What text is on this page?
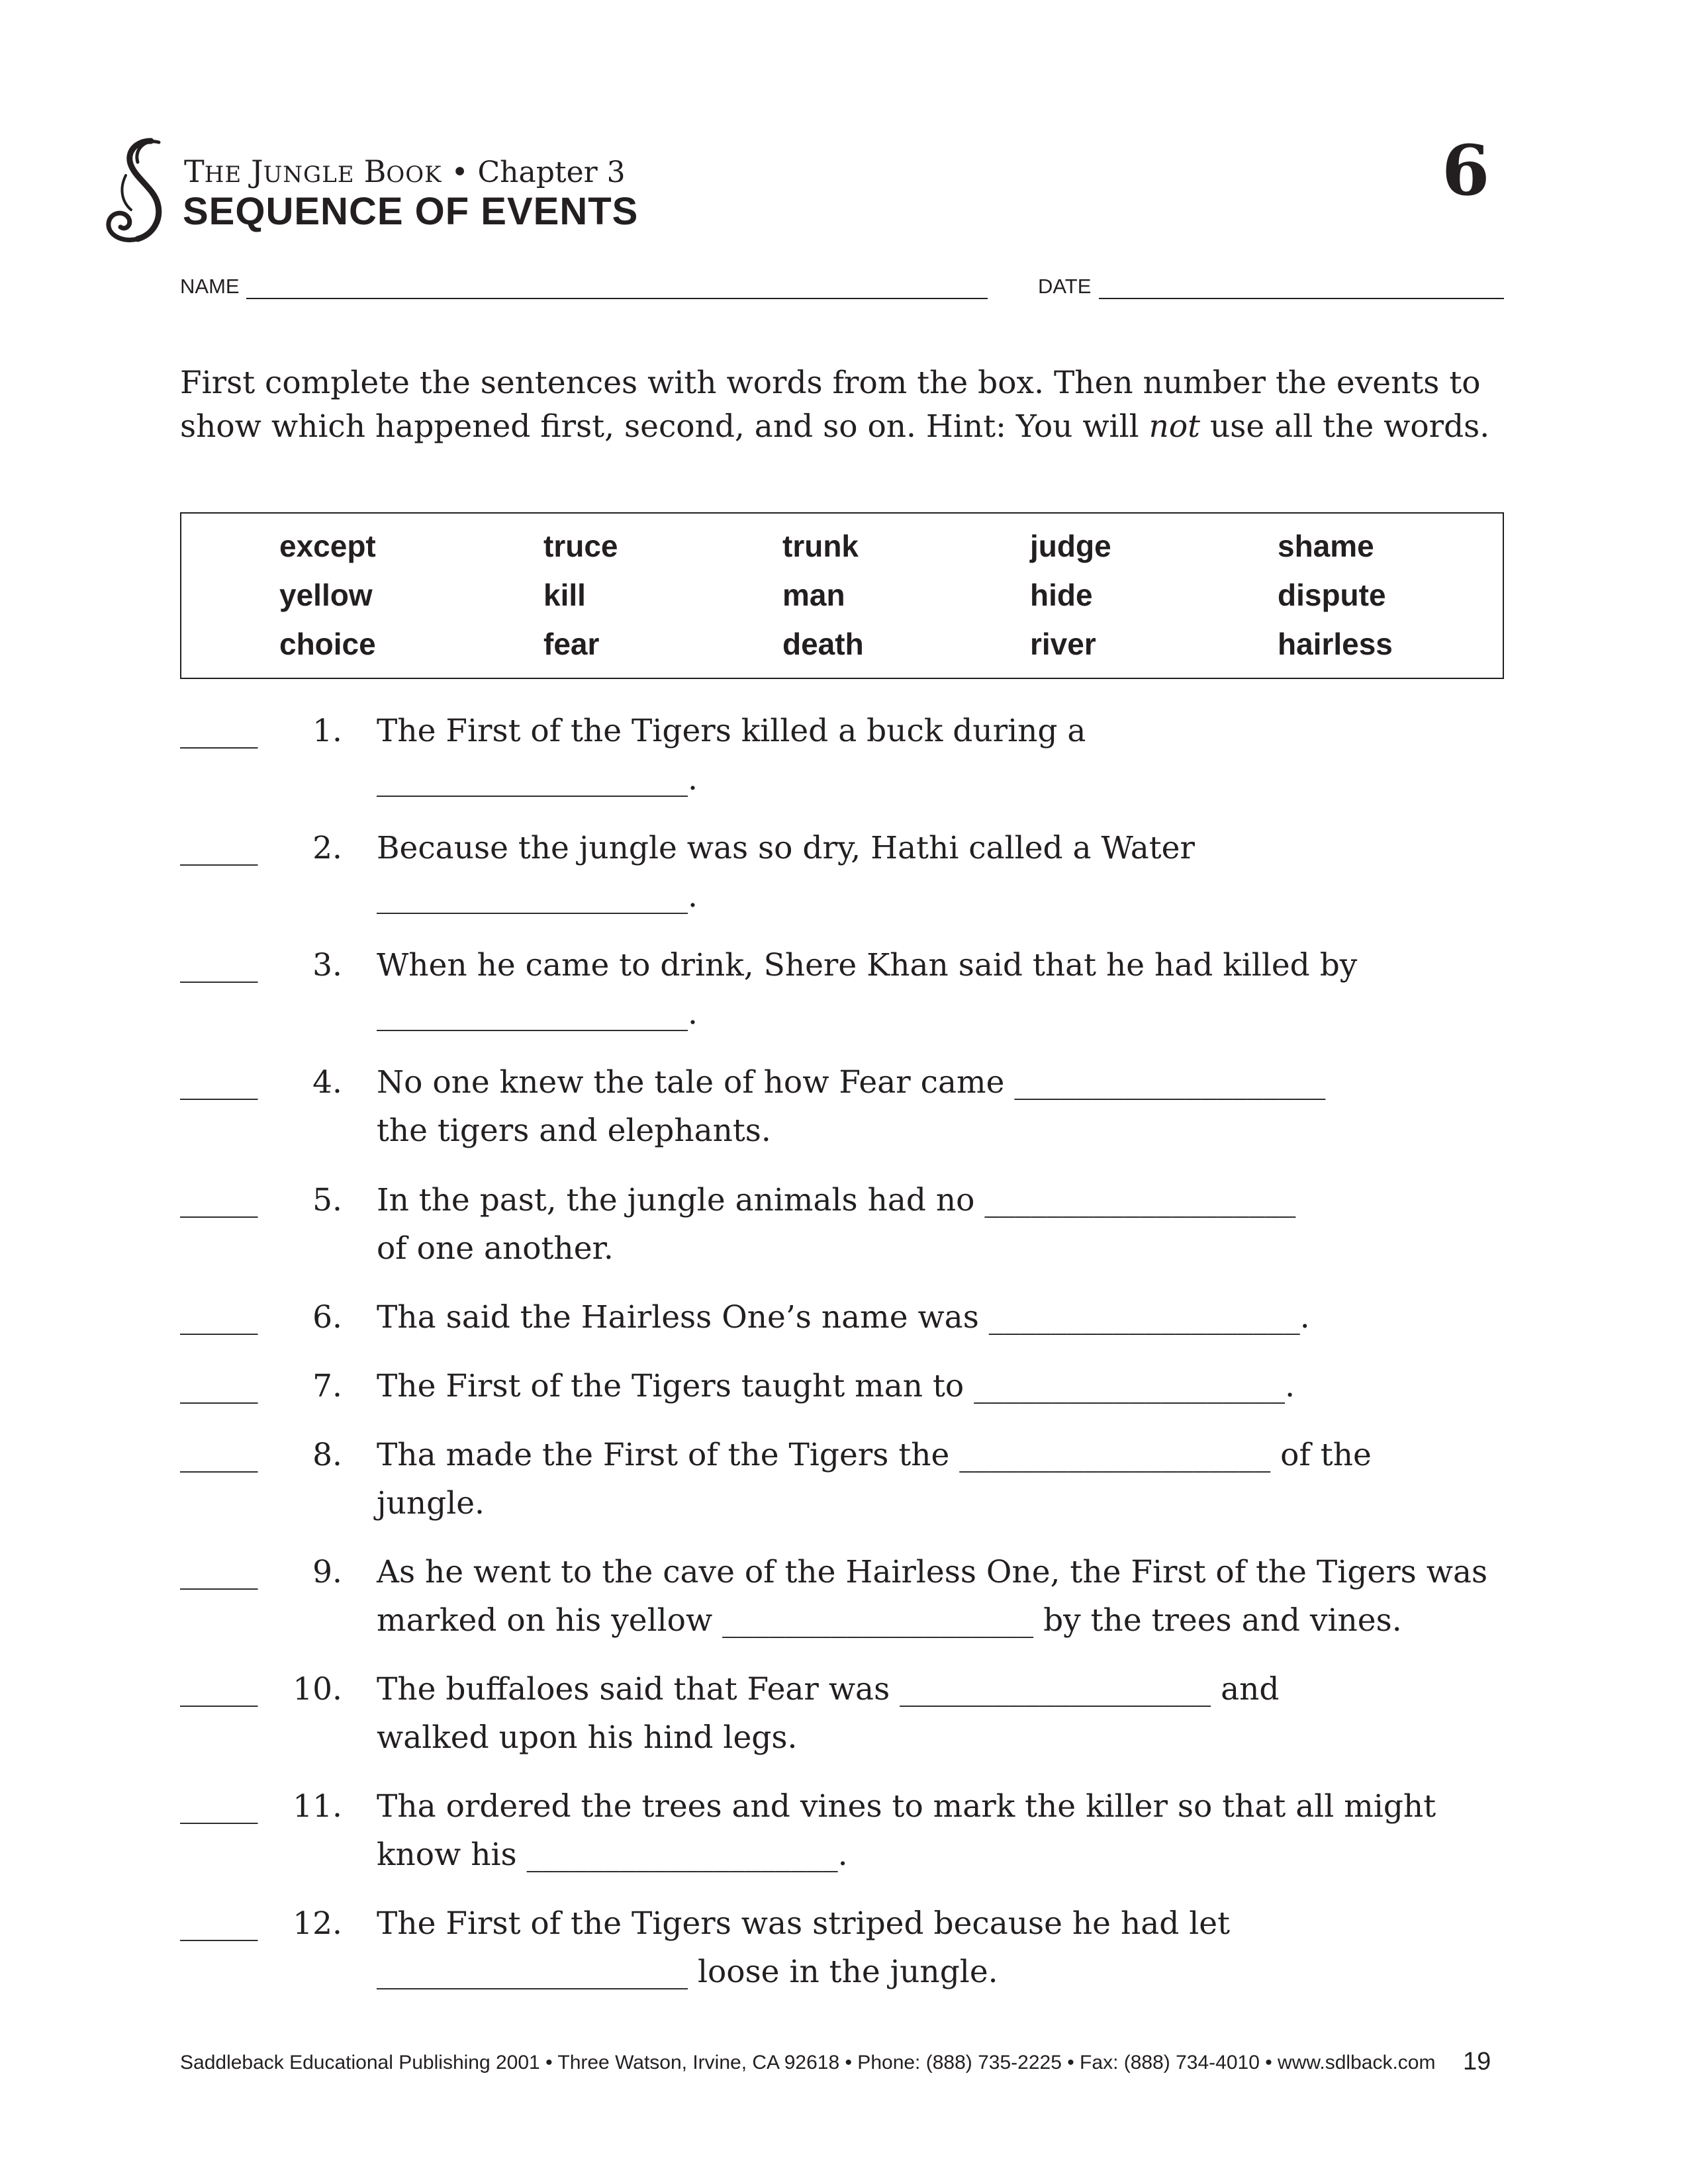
S
THE JUNGLE BOOK • Chapter 3
SEQUENCE OF EVENTS
6
NAME	DATE
First complete the sentences with words from the box. Then number the events to show which happened first, second, and so on. Hint: You will not use all the words.
except	truce	trunk	judge	shame
yellow	kill	man	hide	dispute
choice	fear	death	river	hairless
_____	1. The First of the Tigers killed a buck during a
____________________.
_____	2. Because the jungle was so dry, Hathi called a Water
____________________.
_____	3. When he came to drink, Shere Khan said that he had killed by
____________________.
_____	4. No one knew the tale of how Fear came ____________________
the tigers and elephants.
_____	5. In the past, the jungle animals had no ____________________
of one another.
_____	6. Tha said the Hairless One’s name was ____________________.
_____	7. The First of the Tigers taught man to ____________________.
_____	8. Tha made the First of the Tigers the ____________________ of the
jungle.
_____	9. As he went to the cave of the Hairless One, the First of the Tigers was
marked on his yellow ____________________ by the trees and vines.
_____	10. The buffaloes said that Fear was ____________________ and
walked upon his hind legs.
_____	11. Tha ordered the trees and vines to mark the killer so that all might
know his ____________________.
_____	12. The First of the Tigers was striped because he had let
____________________ loose in the jungle.
Saddleback Educational Publishing 2001 • Three Watson, Irvine, CA 92618 • Phone: (888) 735-2225 • Fax: (888) 734-4010 • www.sdlback.com 19
